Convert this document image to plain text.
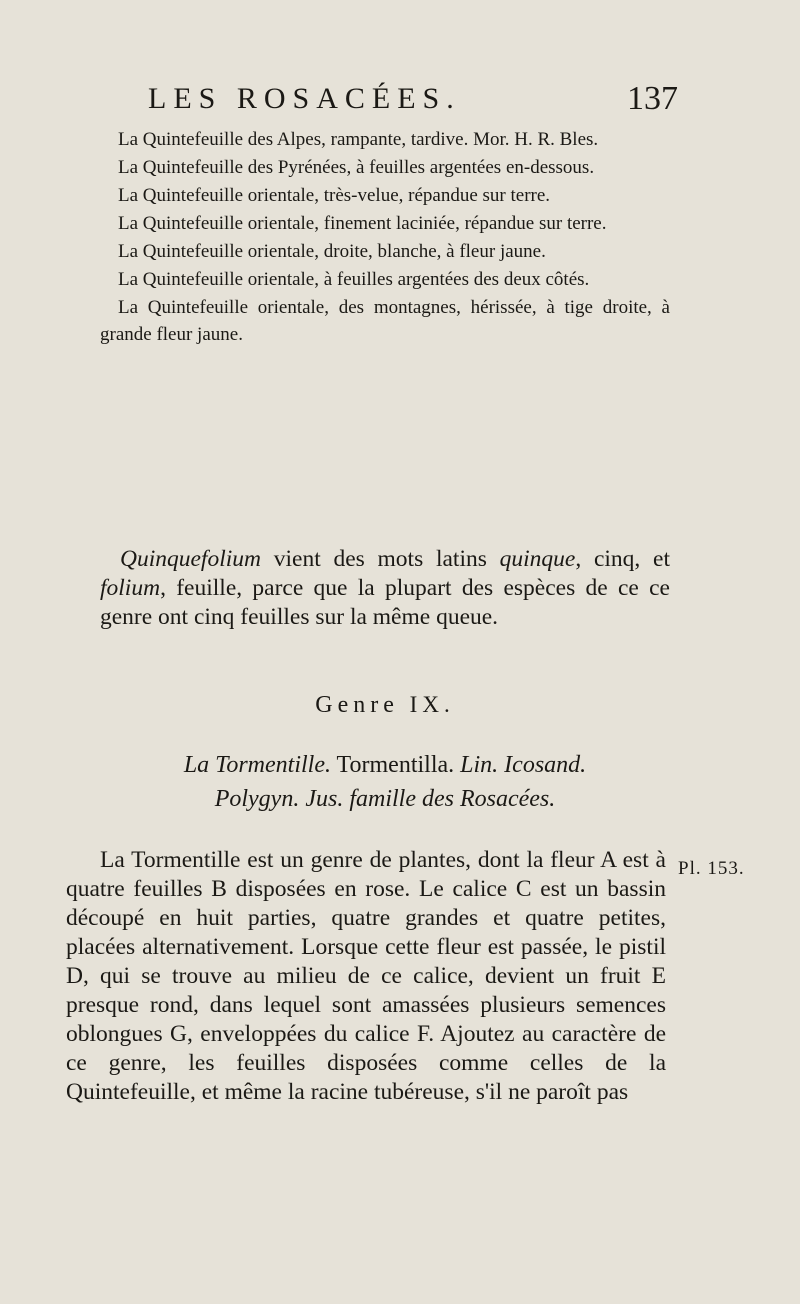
LES ROSACÉES.	137

La Quintefeuille des Alpes, rampante, tardive. Mor. H. R. Bles.

La Quintefeuille des Pyrénées, à feuilles argentées en-dessous.

La Quintefeuille orientale, très-velue, répandue sur terre.

La Quintefeuille orientale, finement laciniée, répandue sur terre.

La Quintefeuille orientale, droite, blanche, à fleur jaune.

La Quintefeuille orientale, à feuilles argentées des deux côtés.

La Quintefeuille orientale, des montagnes, hérissée, à tige droite, à grande fleur jaune.

Quinquefolium vient des mots latins quinque, cinq, et folium, feuille, parce que la plupart des espèces de ce ce genre ont cinq feuilles sur la même queue.

Genre IX.
La Tormentille. Tormentilla. Lin. Icosand.
Polygyn. Jus. famille des Rosacées.

La Tormentille est un genre de plantes, dont la fleur A est à quatre feuilles B disposées en rose. Le calice C est un bassin découpé en huit parties, quatre grandes et quatre petites, placées alternativement. Lorsque cette fleur est passée, le pistil D, qui se trouve au milieu de ce calice, devient un fruit E presque rond, dans lequel sont amassées plusieurs semences oblongues G, enveloppées du calice F. Ajoutez au caractère de ce genre, les feuilles disposées comme celles de la Quintefeuille, et même la racine tubéreuse, s'il ne paroît pas

Pl. 153.
